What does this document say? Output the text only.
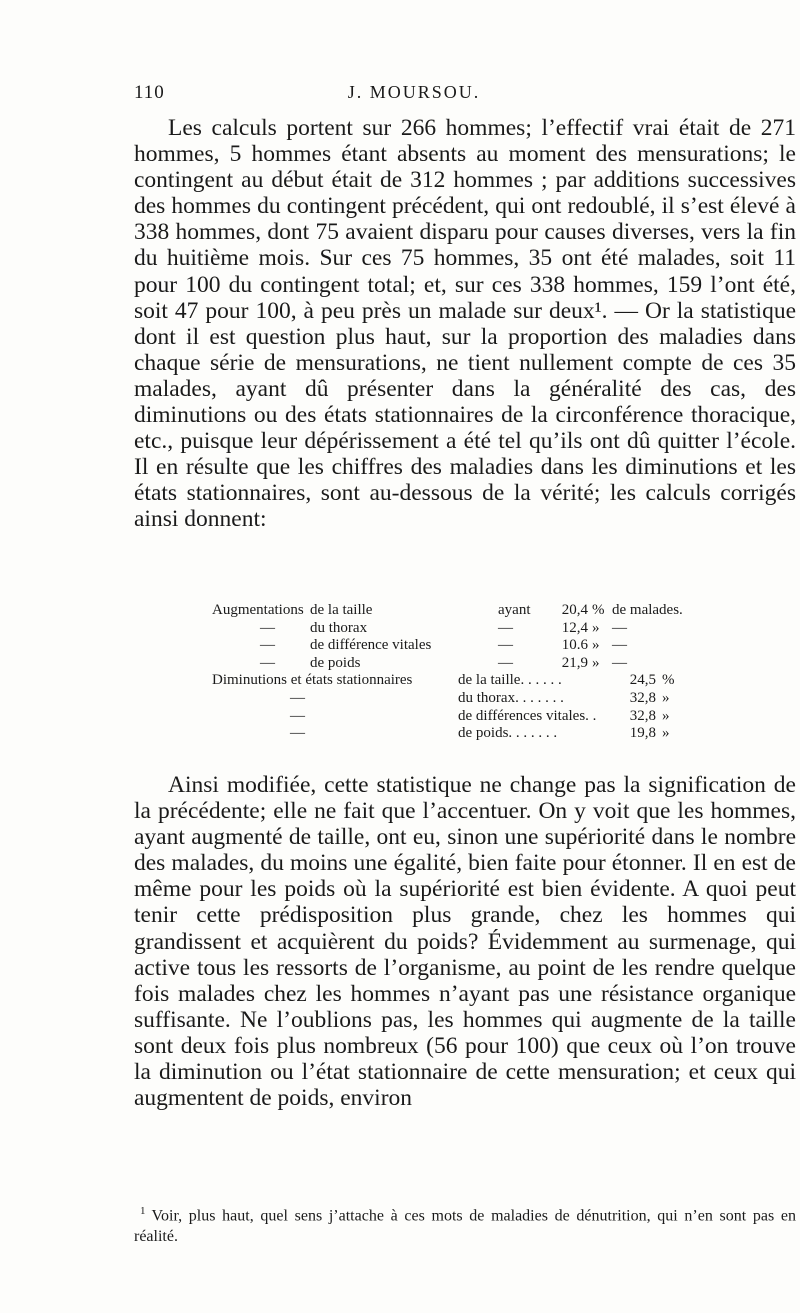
110	J. MOURSOU.

Les calculs portent sur 266 hommes; l’effectif vrai était de 271 hommes, 5 hommes étant absents au moment des mensurations; le contingent au début était de 312 hommes ; par additions successives des hommes du contingent précédent, qui ont redoublé, il s’est élevé à 338 hommes, dont 75 avaient disparu pour causes diverses, vers la fin du huitième mois. Sur ces 75 hommes, 35 ont été malades, soit 11 pour 100 du contingent total; et, sur ces 338 hommes, 159 l’ont été, soit 47 pour 100, à peu près un malade sur deux¹. — Or la statistique dont il est question plus haut, sur la proportion des maladies dans chaque série de mensurations, ne tient nullement compte de ces 35 malades, ayant dû présenter dans la généralité des cas, des diminutions ou des états stationnaires de la circonférence thoracique, etc., puisque leur dépérissement a été tel qu’ils ont dû quitter l’école. Il en résulte que les chiffres des maladies dans les diminutions et les états stationnaires, sont au-dessous de la vérité; les calculs corrigés ainsi donnent:

Augmentations de la taille	ayant	20,4 % de malades.
— du thorax	—	12,4 » —
— de différence vitales	—	10.6 » —
— de poids	—	21,9 » —
Diminutions et états stationnaires	de la taille. . . . . .	24,5 %
—	du thorax. . . . . . .	32,8 »
—	de différences vitales. .	32,8 »
—	de poids. . . . . . .	19,8 »

Ainsi modifiée, cette statistique ne change pas la signification de la précédente; elle ne fait que l’accentuer. On y voit que les hommes, ayant augmenté de taille, ont eu, sinon une supériorité dans le nombre des malades, du moins une égalité, bien faite pour étonner. Il en est de même pour les poids où la supériorité est bien évidente. A quoi peut tenir cette prédisposition plus grande, chez les hommes qui grandissent et acquièrent du poids? Évidemment au surmenage, qui active tous les ressorts de l’organisme, au point de les rendre quelque fois malades chez les hommes n’ayant pas une résistance organique suffisante. Ne l’oublions pas, les hommes qui augmente de la taille sont deux fois plus nombreux (56 pour 100) que ceux où l’on trouve la diminution ou l’état stationnaire de cette mensuration; et ceux qui augmentent de poids, environ

$^1$ Voir, plus haut, quel sens j’attache à ces mots de maladies de dénutrition, qui n’en sont pas en réalité.
